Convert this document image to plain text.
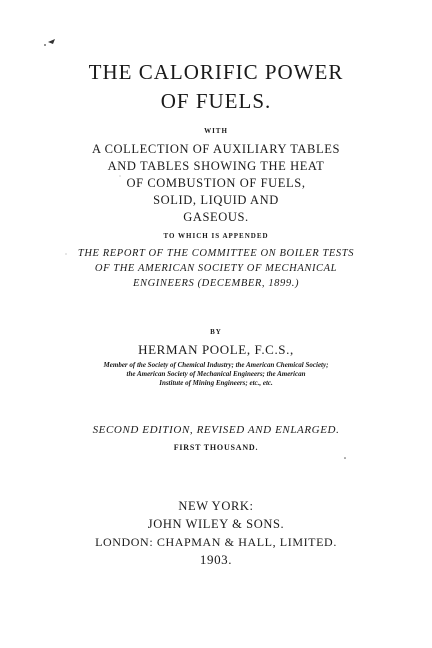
THE CALORIFIC POWER
OF FUELS.
WITH
A COLLECTION OF AUXILIARY TABLES
AND TABLES SHOWING THE HEAT
OF COMBUSTION OF FUELS,
SOLID, LIQUID AND
GASEOUS.
TO WHICH IS APPENDED
THE REPORT OF THE COMMITTEE ON BOILER TESTS
OF THE AMERICAN SOCIETY OF MECHANICAL
ENGINEERS (DECEMBER, 1899.)
BY
HERMAN POOLE, F.C.S.,
Member of the Society of Chemical Industry; the American Chemical Society;
the American Society of Mechanical Engineers; the American
Institute of Mining Engineers; etc., etc.
SECOND EDITION, REVISED AND ENLARGED.
FIRST THOUSAND.
NEW YORK:
JOHN WILEY & SONS.
LONDON: CHAPMAN & HALL, LIMITED.
1903.
